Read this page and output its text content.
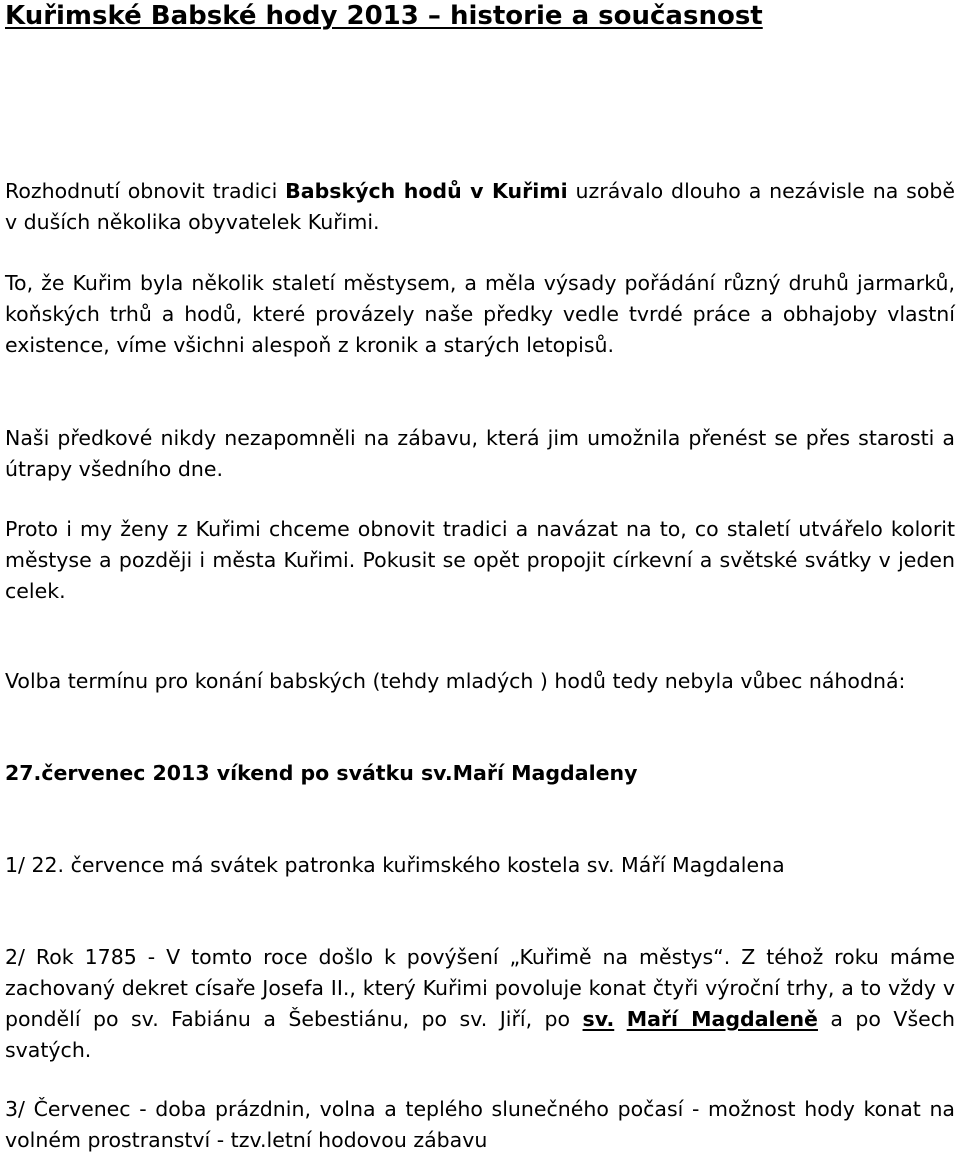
Kuřimské Babské hody 2013 – historie a současnost

Rozhodnutí obnovit tradici Babských hodů v Kuřimi uzrávalo dlouho a nezávisle na sobě v duších několika obyvatelek Kuřimi.

To, že Kuřim byla několik staletí městysem, a měla výsady pořádání různý druhů jarmarků, koňských trhů a hodů, které provázely naše předky vedle tvrdé práce a obhajoby vlastní existence, víme všichni alespoň z kronik a starých letopisů.

Naši předkové nikdy nezapomněli na zábavu, která jim umožnila přenést se přes starosti a útrapy všedního dne.

Proto i my ženy z Kuřimi chceme obnovit tradici a navázat na to, co staletí utvářelo kolorit městyse a později i města Kuřimi. Pokusit se opět propojit církevní a světské svátky v jeden celek.

Volba termínu pro konání babských (tehdy mladých ) hodů tedy nebyla vůbec náhodná:

27.červenec 2013 víkend po svátku sv.Maří Magdaleny

1/ 22. července má svátek patronka kuřimského kostela sv. Máří Magdalena

2/ Rok 1785 - V tomto roce došlo k povýšení „Kuřimě na městys“. Z téhož roku máme zachovaný dekret císaře Josefa II., který Kuřimi povoluje konat čtyři výroční trhy, a to vždy v pondělí po sv. Fabiánu a Šebestiánu, po sv. Jiří, po sv. Maří Magdaleně a po Všech svatých.

3/ Červenec - doba prázdnin, volna a teplého slunečného počasí - možnost hody konat na volném prostranství - tzv.letní hodovou zábavu
